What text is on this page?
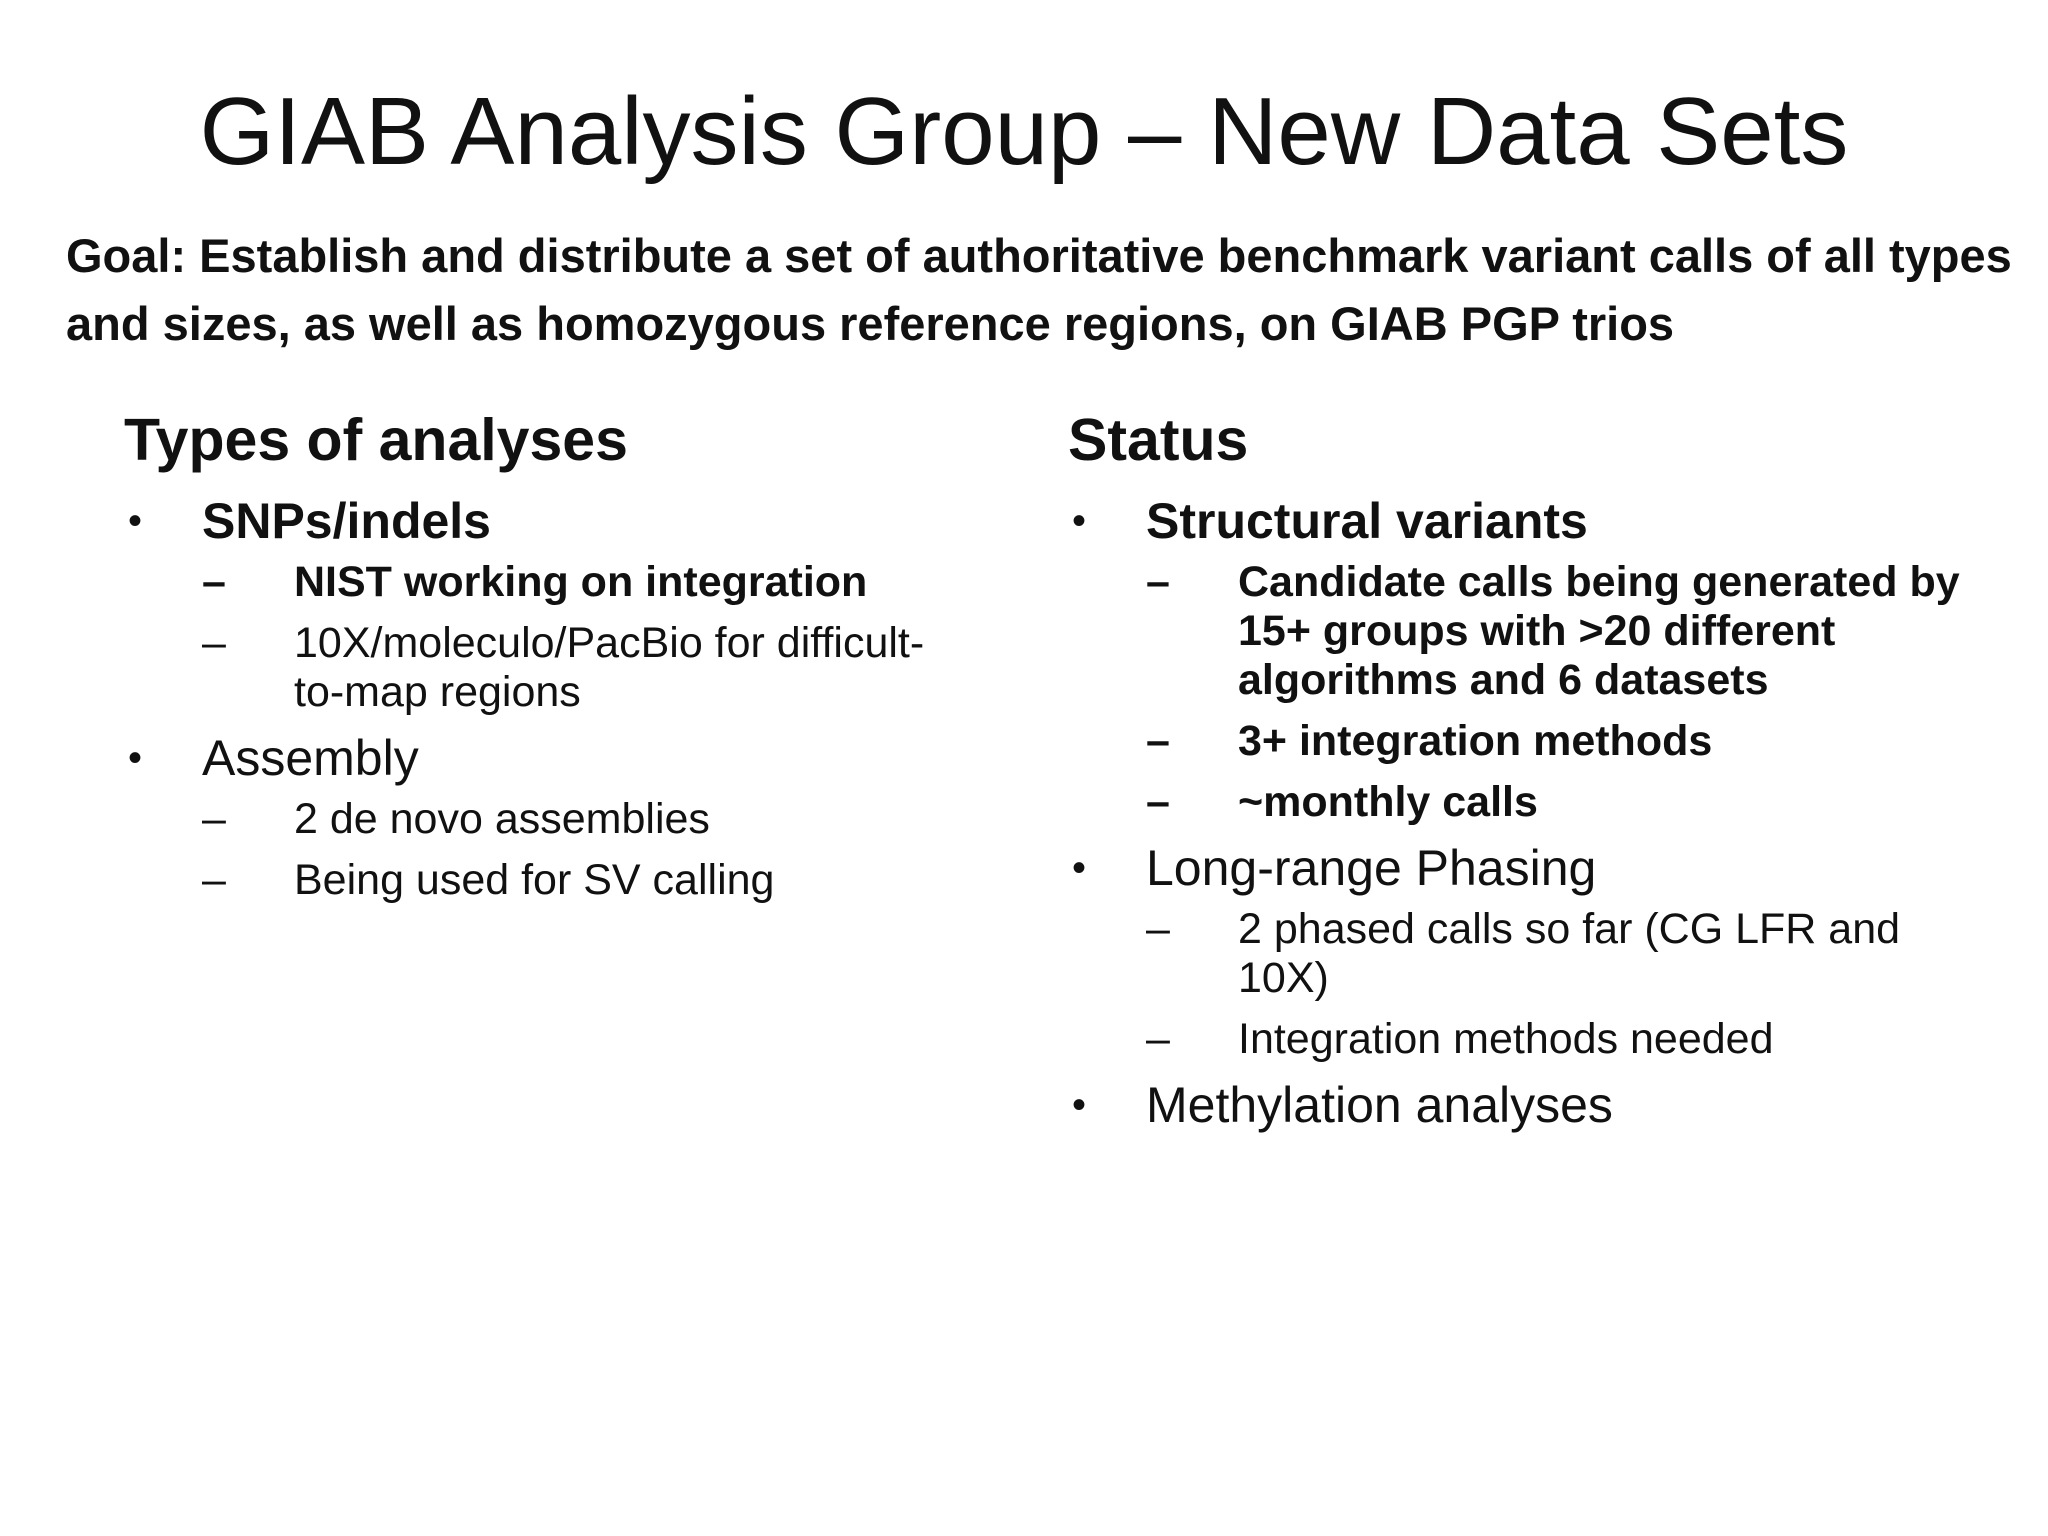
GIAB Analysis Group – New Data Sets
Goal: Establish and distribute a set of authoritative benchmark variant calls of all types and sizes, as well as homozygous reference regions, on GIAB PGP trios
Types of analyses
• SNPs/indels
–	NIST working on integration
–	10X/moleculo/PacBio for difficult-to-map regions
• Assembly
–	2 de novo assemblies
–	Being used for SV calling
Status
• Structural variants
–	Candidate calls being generated by 15+ groups with >20 different algorithms and 6 datasets
–	3+ integration methods
–	~monthly calls
• Long-range Phasing
–	2 phased calls so far (CG LFR and 10X)
–	Integration methods needed
• Methylation analyses
